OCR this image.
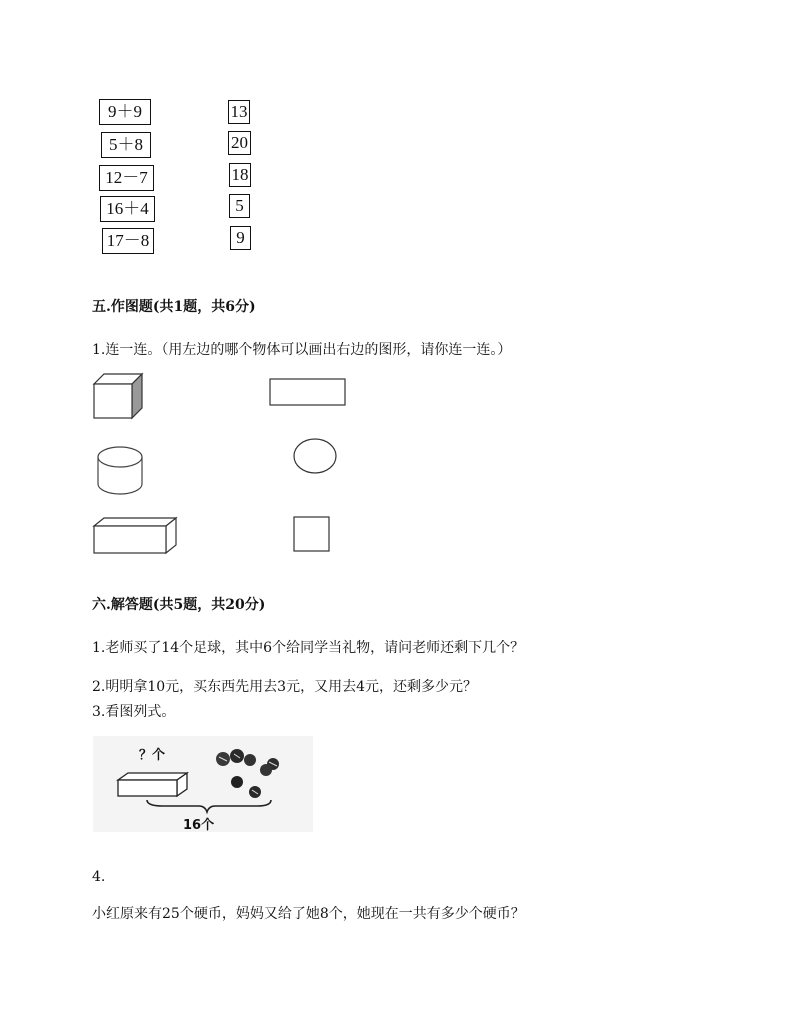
9＋9
5＋8
12－7
16＋4
17－8
13
20
18
5
9
五.作图题(共1题，共6分)
1.连一连。（用左边的哪个物体可以画出右边的图形，请你连一连。）
六.解答题(共5题，共20分)
1.老师买了14个足球，其中6个给同学当礼物，请问老师还剩下几个？
2.明明拿10元，买东西先用去3元，又用去4元，还剩多少元？
3.看图列式。
？个
16个
4.
小红原来有25个硬币，妈妈又给了她8个，她现在一共有多少个硬币？
